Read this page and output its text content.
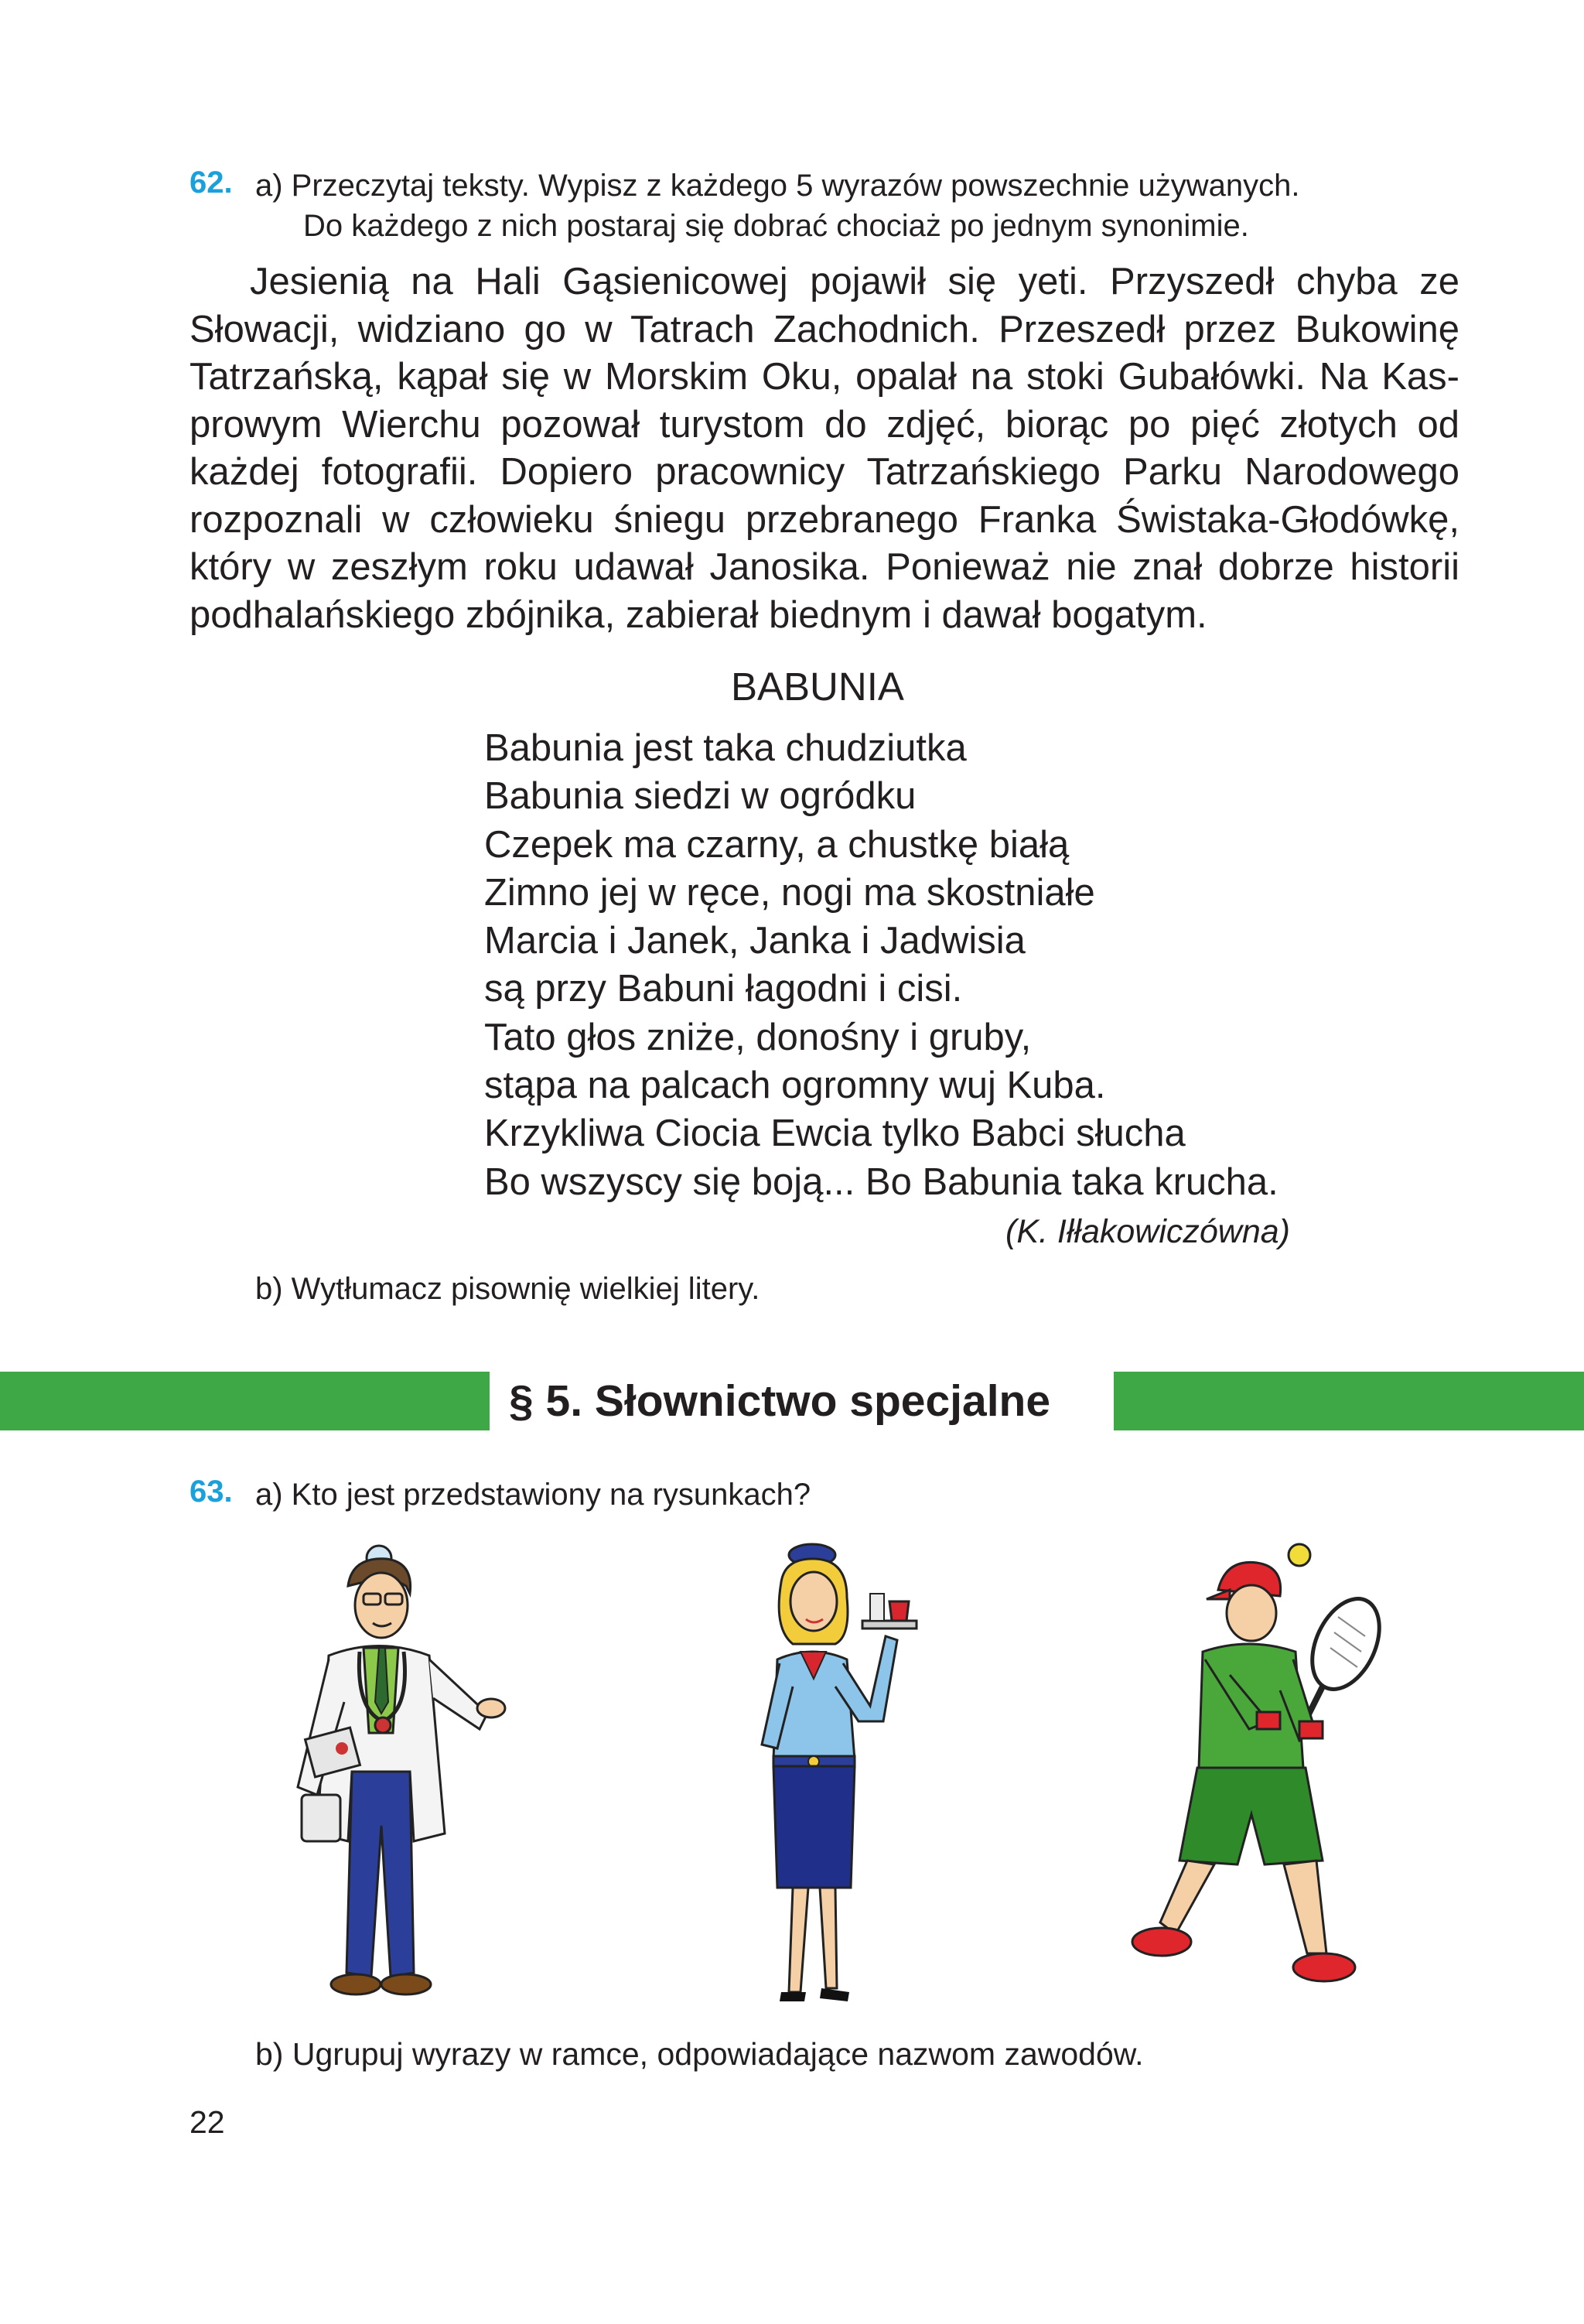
62. a) Przeczytaj teksty. Wypisz z każdego 5 wyrazów powszechnie używanych.
Do każdego z nich postaraj się dobrać chociaż po jednym synonimie.
Jesienią na Hali Gąsienicowej pojawił się yeti. Przyszedł chyba ze
Słowacji, widziano go w Tatrach Zachodnich. Przeszedł przez Bukowinę
Tatrzańską, kąpał się w Morskim Oku, opalał na stoki Gubałówki. Na Kas-
prowym Wierchu pozował turystom do zdjęć, biorąc po pięć złotych od
każdej fotografii. Dopiero pracownicy Tatrzańskiego Parku Narodowego
rozpoznali w człowieku śniegu przebranego Franka Świstaka-Głodówkę,
który w zeszłym roku udawał Janosika. Ponieważ nie znał dobrze historii
podhalańskiego zbójnika, zabierał biednym i dawał bogatym.
BABUNIA
Babunia jest taka chudziutka
Babunia siedzi w ogródku
Czepek ma czarny, a chustkę białą
Zimno jej w ręce, nogi ma skostniałe
Marcia i Janek, Janka i Jadwisia
są przy Babuni łagodni i cisi.
Tato głos zniże, donośny i gruby,
stąpa na palcach ogromny wuj Kuba.
Krzykliwa Ciocia Ewcia tylko Babci słucha
Bo wszyscy się boją... Bo Babunia taka krucha.
(K. Iłłakowiczówna)
b) Wytłumacz pisownię wielkiej litery.
§ 5. Słownictwo specjalne
63. a) Kto jest przedstawiony na rysunkach?
b) Ugrupuj wyrazy w ramce, odpowiadające nazwom zawodów.
22
